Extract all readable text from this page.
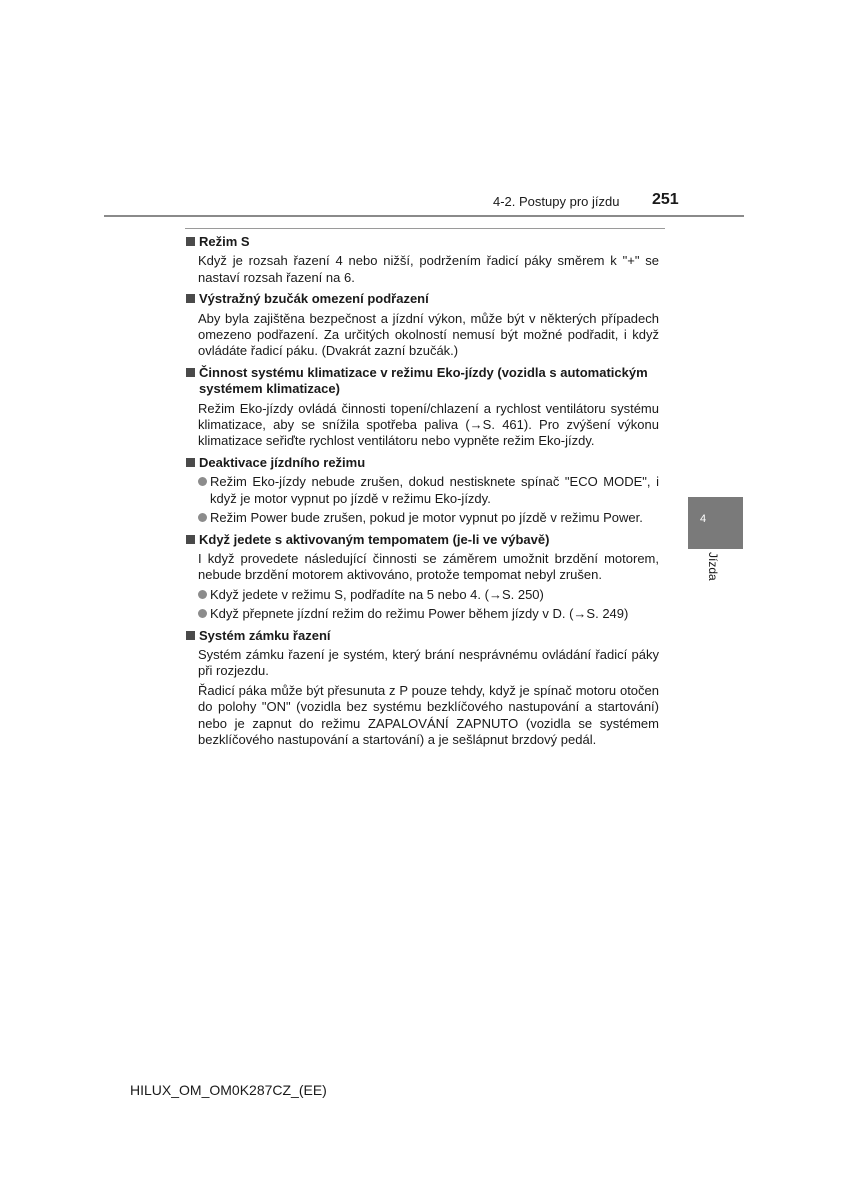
4-2. Postupy pro jízdu 251
Režim S

Když je rozsah řazení 4 nebo nižší, podržením řadicí páky směrem k "+" se nastaví rozsah řazení na 6.

Výstražný bzučák omezení podřazení

Aby byla zajištěna bezpečnost a jízdní výkon, může být v některých případech omezeno podřazení. Za určitých okolností nemusí být možné podřadit, i když ovládáte řadicí páku. (Dvakrát zazní bzučák.)

Činnost systému klimatizace v režimu Eko-jízdy (vozidla s automatickým systémem klimatizace)

Režim Eko-jízdy ovládá činnosti topení/chlazení a rychlost ventilátoru systému klimatizace, aby se snížila spotřeba paliva (→S. 461). Pro zvýšení výkonu klimatizace seřiďte rychlost ventilátoru nebo vypněte režim Eko-jízdy.

Deaktivace jízdního režimu
Režim Eko-jízdy nebude zrušen, dokud nestisknete spínač "ECO MODE", i když je motor vypnut po jízdě v režimu Eko-jízdy.
Režim Power bude zrušen, pokud je motor vypnut po jízdě v režimu Power.
Když jedete s aktivovaným tempomatem (je-li ve výbavě)

I když provedete následující činnosti se záměrem umožnit brzdění motorem, nebude brzdění motorem aktivováno, protože tempomat nebyl zrušen.

Když jedete v režimu S, podřadíte na 5 nebo 4. (→S. 250)
Když přepnete jízdní režim do režimu Power během jízdy v D. (→S. 249)
Systém zámku řazení

Systém zámku řazení je systém, který brání nesprávnému ovládání řadicí páky při rozjezdu.

Řadicí páka může být přesunuta z P pouze tehdy, když je spínač motoru otočen do polohy "ON" (vozidla bez systému bezklíčového nastupování a startování) nebo je zapnut do režimu ZAPALOVÁNÍ ZAPNUTO (vozidla se systémem bezklíčového nastupování a startování) a je sešlápnut brzdový pedál.

4
Jízda
HILUX_OM_OM0K287CZ_(EE)
